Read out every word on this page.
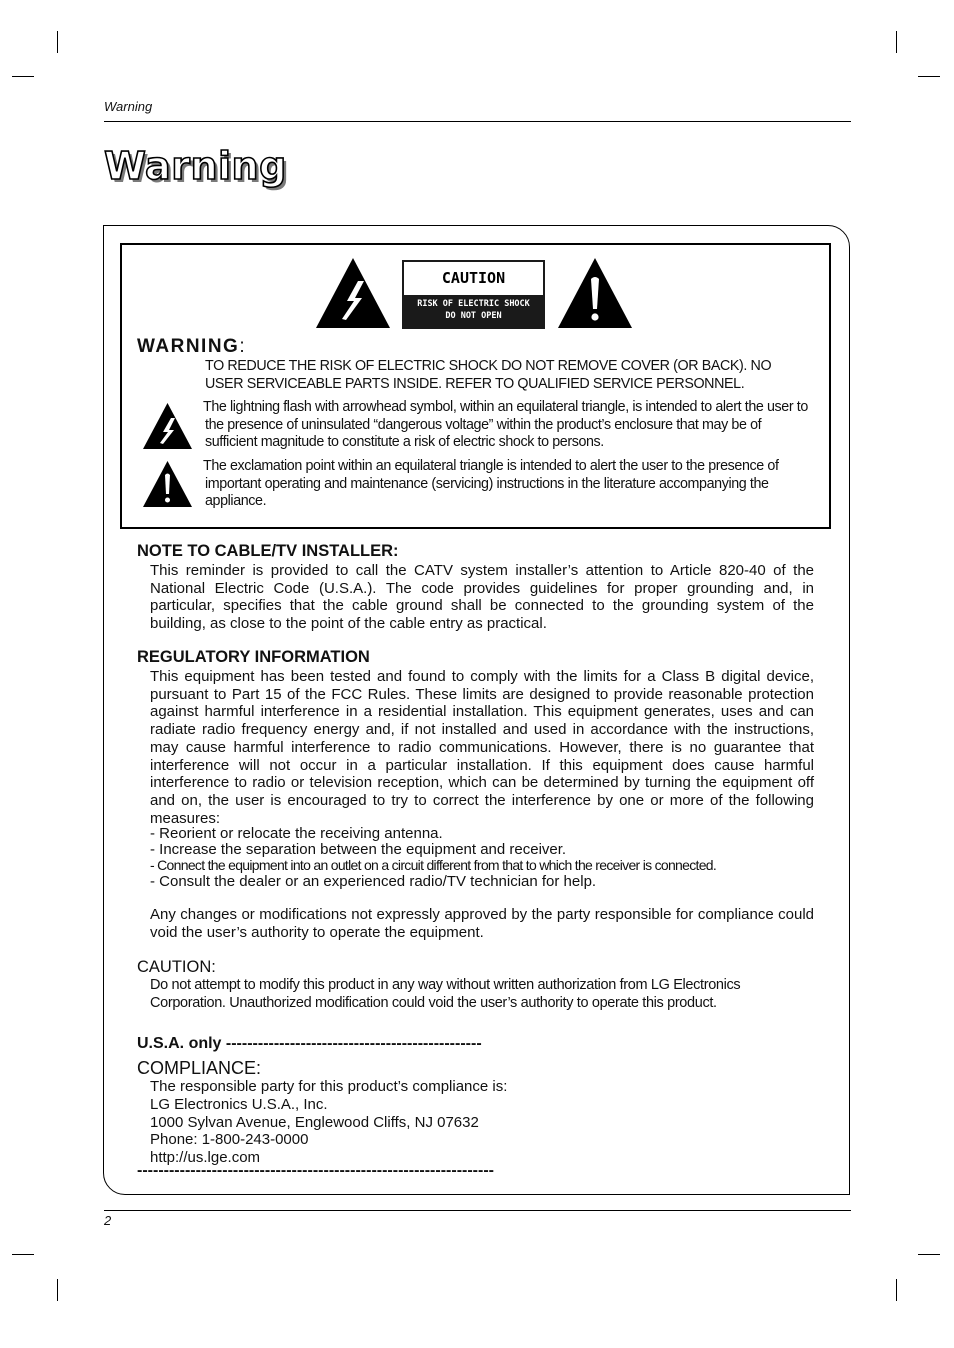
Warning
Warning
CAUTION
RISK OF ELECTRIC SHOCK
DO NOT OPEN
WARNING:
TO REDUCE THE RISK OF ELECTRIC SHOCK DO NOT REMOVE COVER (OR BACK). NO USER SERVICEABLE PARTS INSIDE. REFER TO QUALIFIED SERVICE PERSONNEL.
The lightning flash with arrowhead symbol, within an equilateral triangle, is intended to alert the user to the presence of uninsulated “dangerous voltage” within the product’s enclosure that may be of sufficient magnitude to constitute a risk of electric shock to persons.
The exclamation point within an equilateral triangle is intended to alert the user to the presence of important operating and maintenance (servicing) instructions in the literature accompanying the appliance.
NOTE TO CABLE/TV INSTALLER:
This reminder is provided to call the CATV system installer’s attention to Article 820-40 of the National Electric Code (U.S.A.). The code provides guidelines for proper grounding and, in particular, specifies that the cable ground shall be connected to the grounding system of the building, as close to the point of the cable entry as practical.
REGULATORY INFORMATION
This equipment has been tested and found to comply with the limits for a Class B digital device, pursuant to Part 15 of the FCC Rules. These limits are designed to provide reasonable protection against harmful interference in a residential installation. This equipment generates, uses and can radiate radio frequency energy and, if not installed and used in accordance with the instructions, may cause harmful interference to radio communications. However, there is no guarantee that interference will not occur in a particular installation. If this equipment does cause harmful interference to radio or television reception, which can be determined by turning the equipment off and on, the user is encouraged to try to correct the interference by one or more of the following measures:
- Reorient or relocate the receiving antenna.
- Increase the separation between the equipment and receiver.
- Connect the equipment into an outlet on a circuit different from that to which the receiver is connected.
- Consult the dealer or an experienced radio/TV technician for help.
Any changes or modifications not expressly approved by the party responsible for compliance could void the user’s authority to operate the equipment.
CAUTION:
Do not attempt to modify this product in any way without written authorization from LG Electronics Corporation. Unauthorized modification could void the user’s authority to operate this product.
U.S.A. only ------------------------------------------------
COMPLIANCE:
The responsible party for this product’s compliance is:
LG Electronics U.S.A., Inc.
1000 Sylvan Avenue, Englewood Cliffs, NJ 07632
Phone: 1-800-243-0000
http://us.lge.com
-------------------------------------------------------------------
2
